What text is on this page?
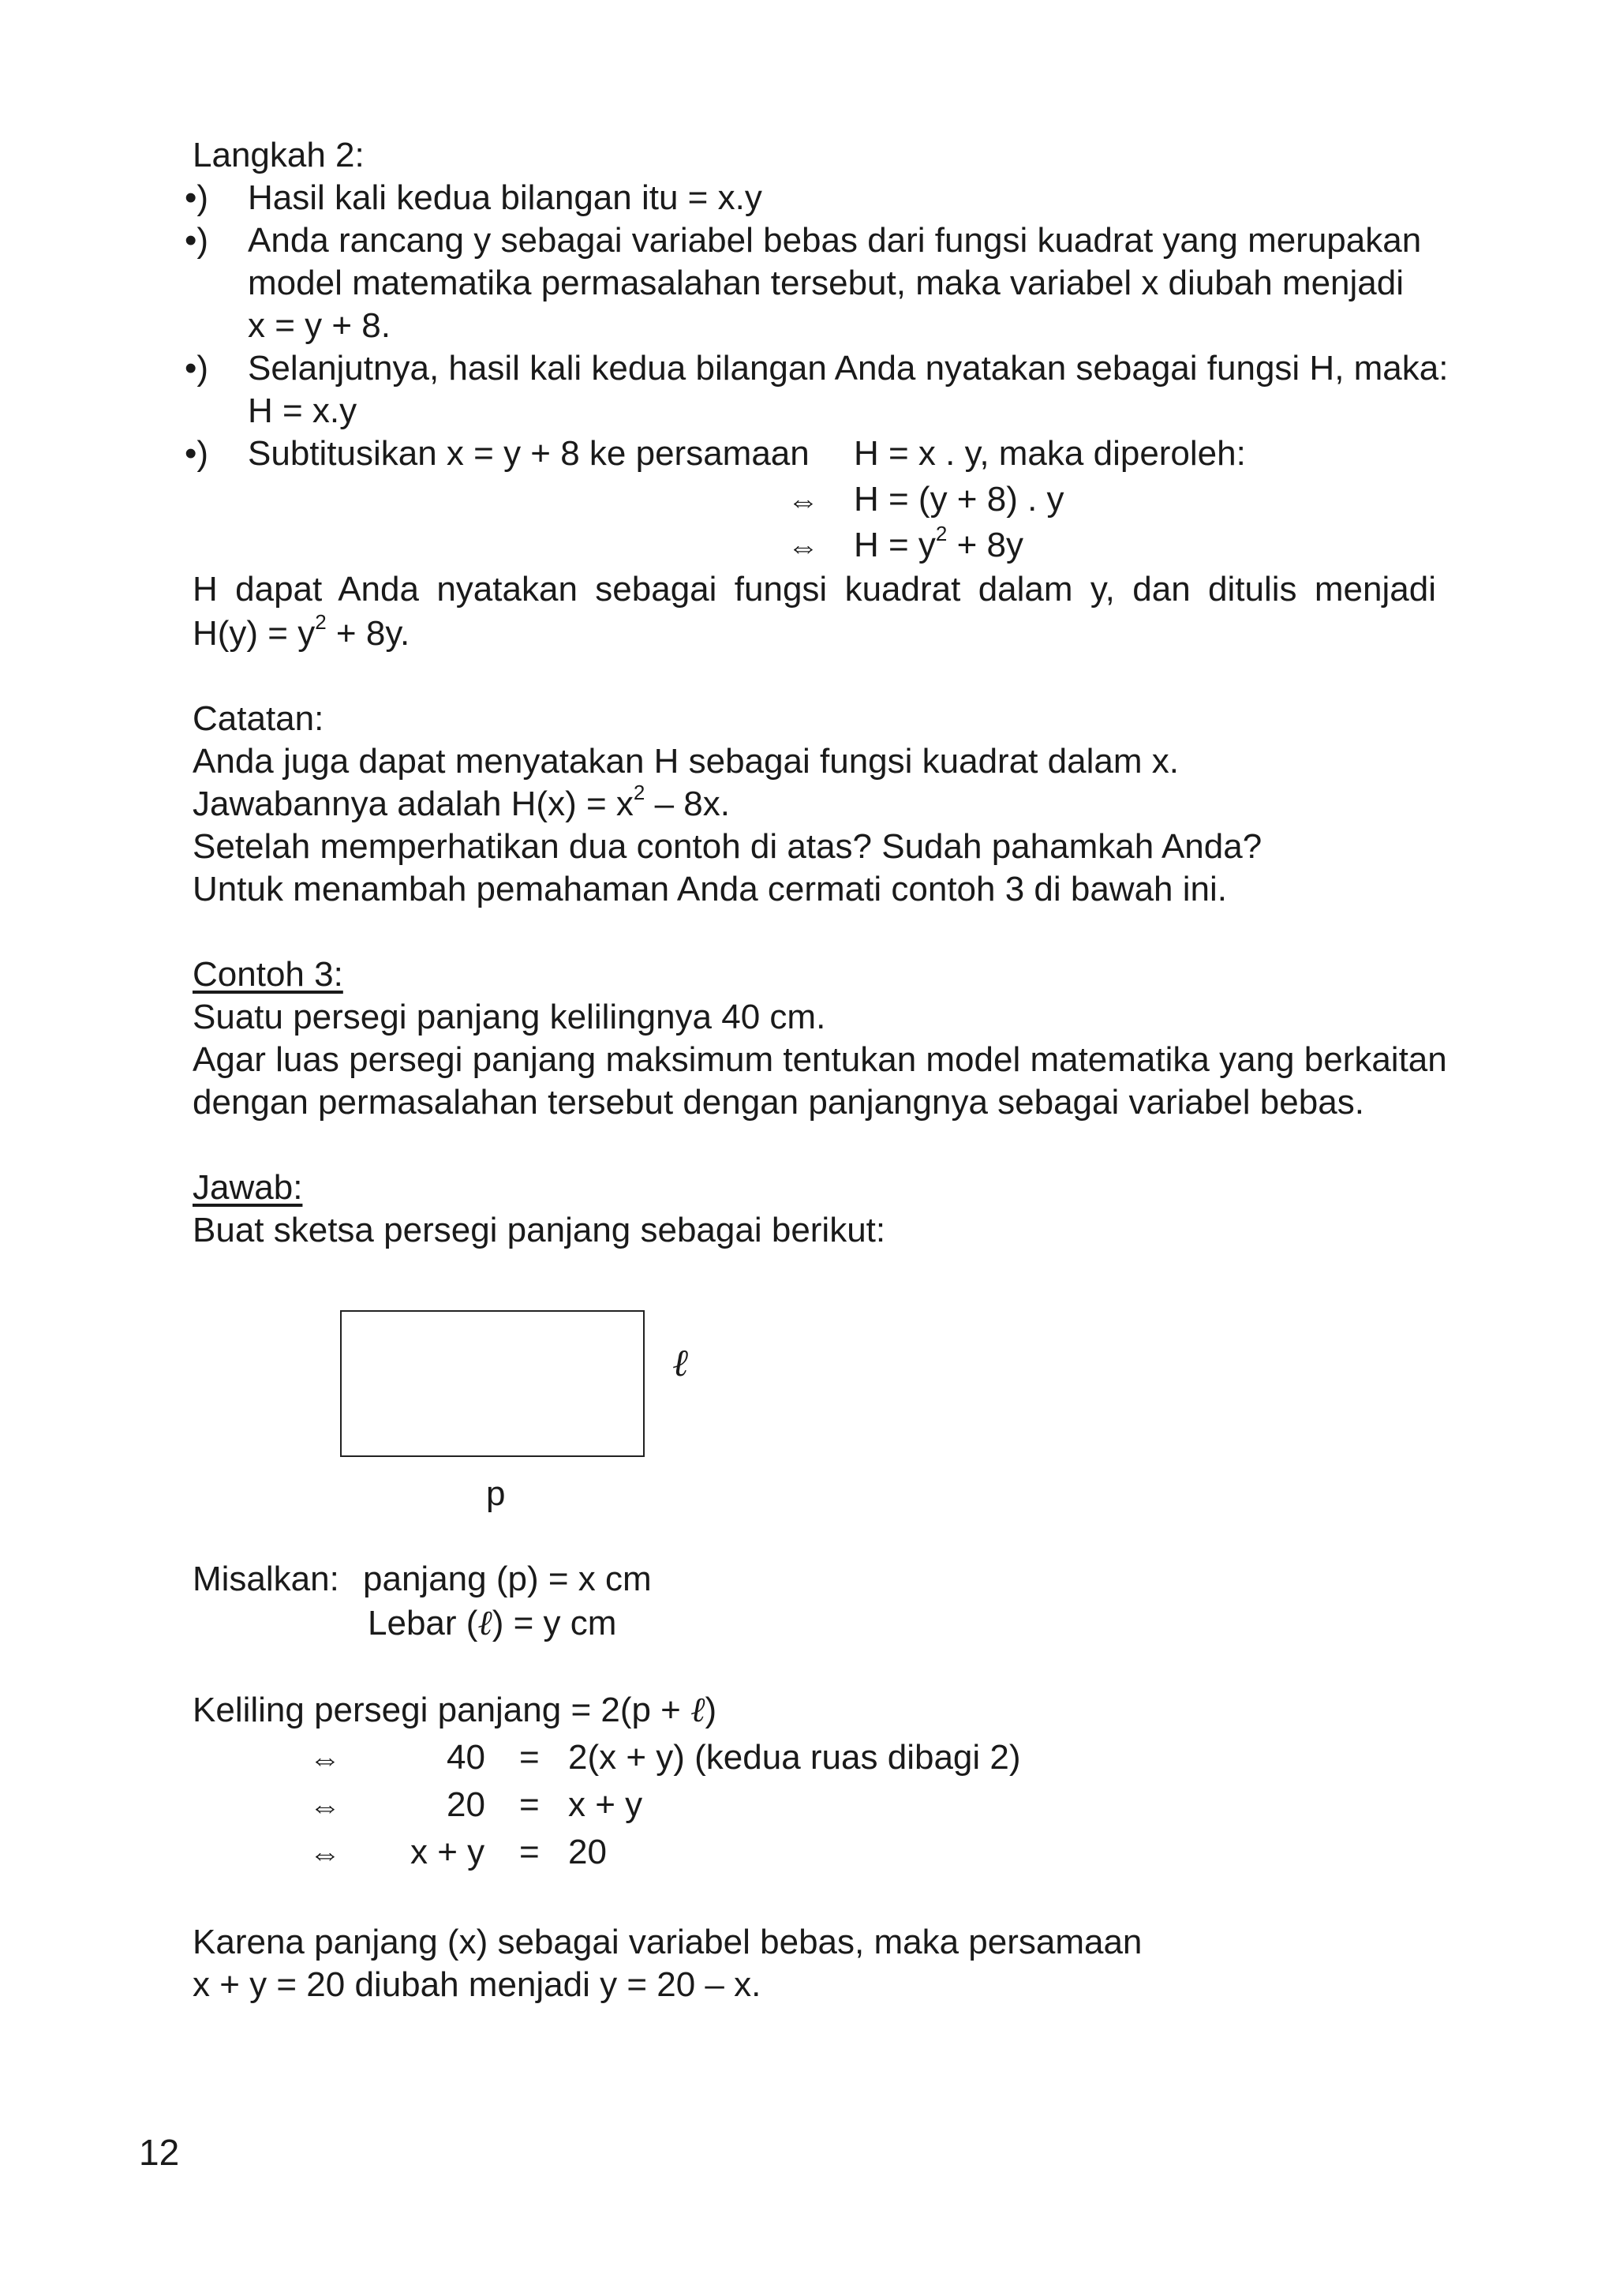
Langkah 2:
•) Hasil kali kedua bilangan itu = x.y
•) Anda rancang y sebagai variabel bebas dari fungsi kuadrat yang merupakan
model matematika permasalahan tersebut, maka variabel x diubah menjadi
x = y + 8.
•) Selanjutnya, hasil kali kedua bilangan Anda nyatakan sebagai fungsi H, maka:
H = x.y
•) Subtitusikan x = y + 8 ke persamaan H = x . y, maka diperoleh:
⇔ H = (y + 8) . y
⇔ $H = y^2 + 8y$
H dapat Anda nyatakan sebagai fungsi kuadrat dalam y, dan ditulis menjadi
$H(y) = y^2 + 8y$.
Catatan:
Anda juga dapat menyatakan H sebagai fungsi kuadrat dalam x.
Jawabannya adalah $H(x) = x^2 - 8x$.
Setelah memperhatikan dua contoh di atas? Sudah pahamkah Anda?
Untuk menambah pemahaman Anda cermati contoh 3 di bawah ini.
Contoh 3:
Suatu persegi panjang kelilingnya 40 cm.
Agar luas persegi panjang maksimum tentukan model matematika yang berkaitan
dengan permasalahan tersebut dengan panjangnya sebagai variabel bebas.
Jawab:
Buat sketsa persegi panjang sebagai berikut:
ℓ
p
Misalkan: panjang (p) = x cm
Lebar (ℓ) = y cm
Keliling persegi panjang = 2(p + ℓ)
⇔	40 = 2(x + y) (kedua ruas dibagi 2)
⇔	20 = x + y
⇔ x + y = 20
Karena panjang (x) sebagai variabel bebas, maka persamaan
x + y = 20 diubah menjadi y = 20 – x.
12
